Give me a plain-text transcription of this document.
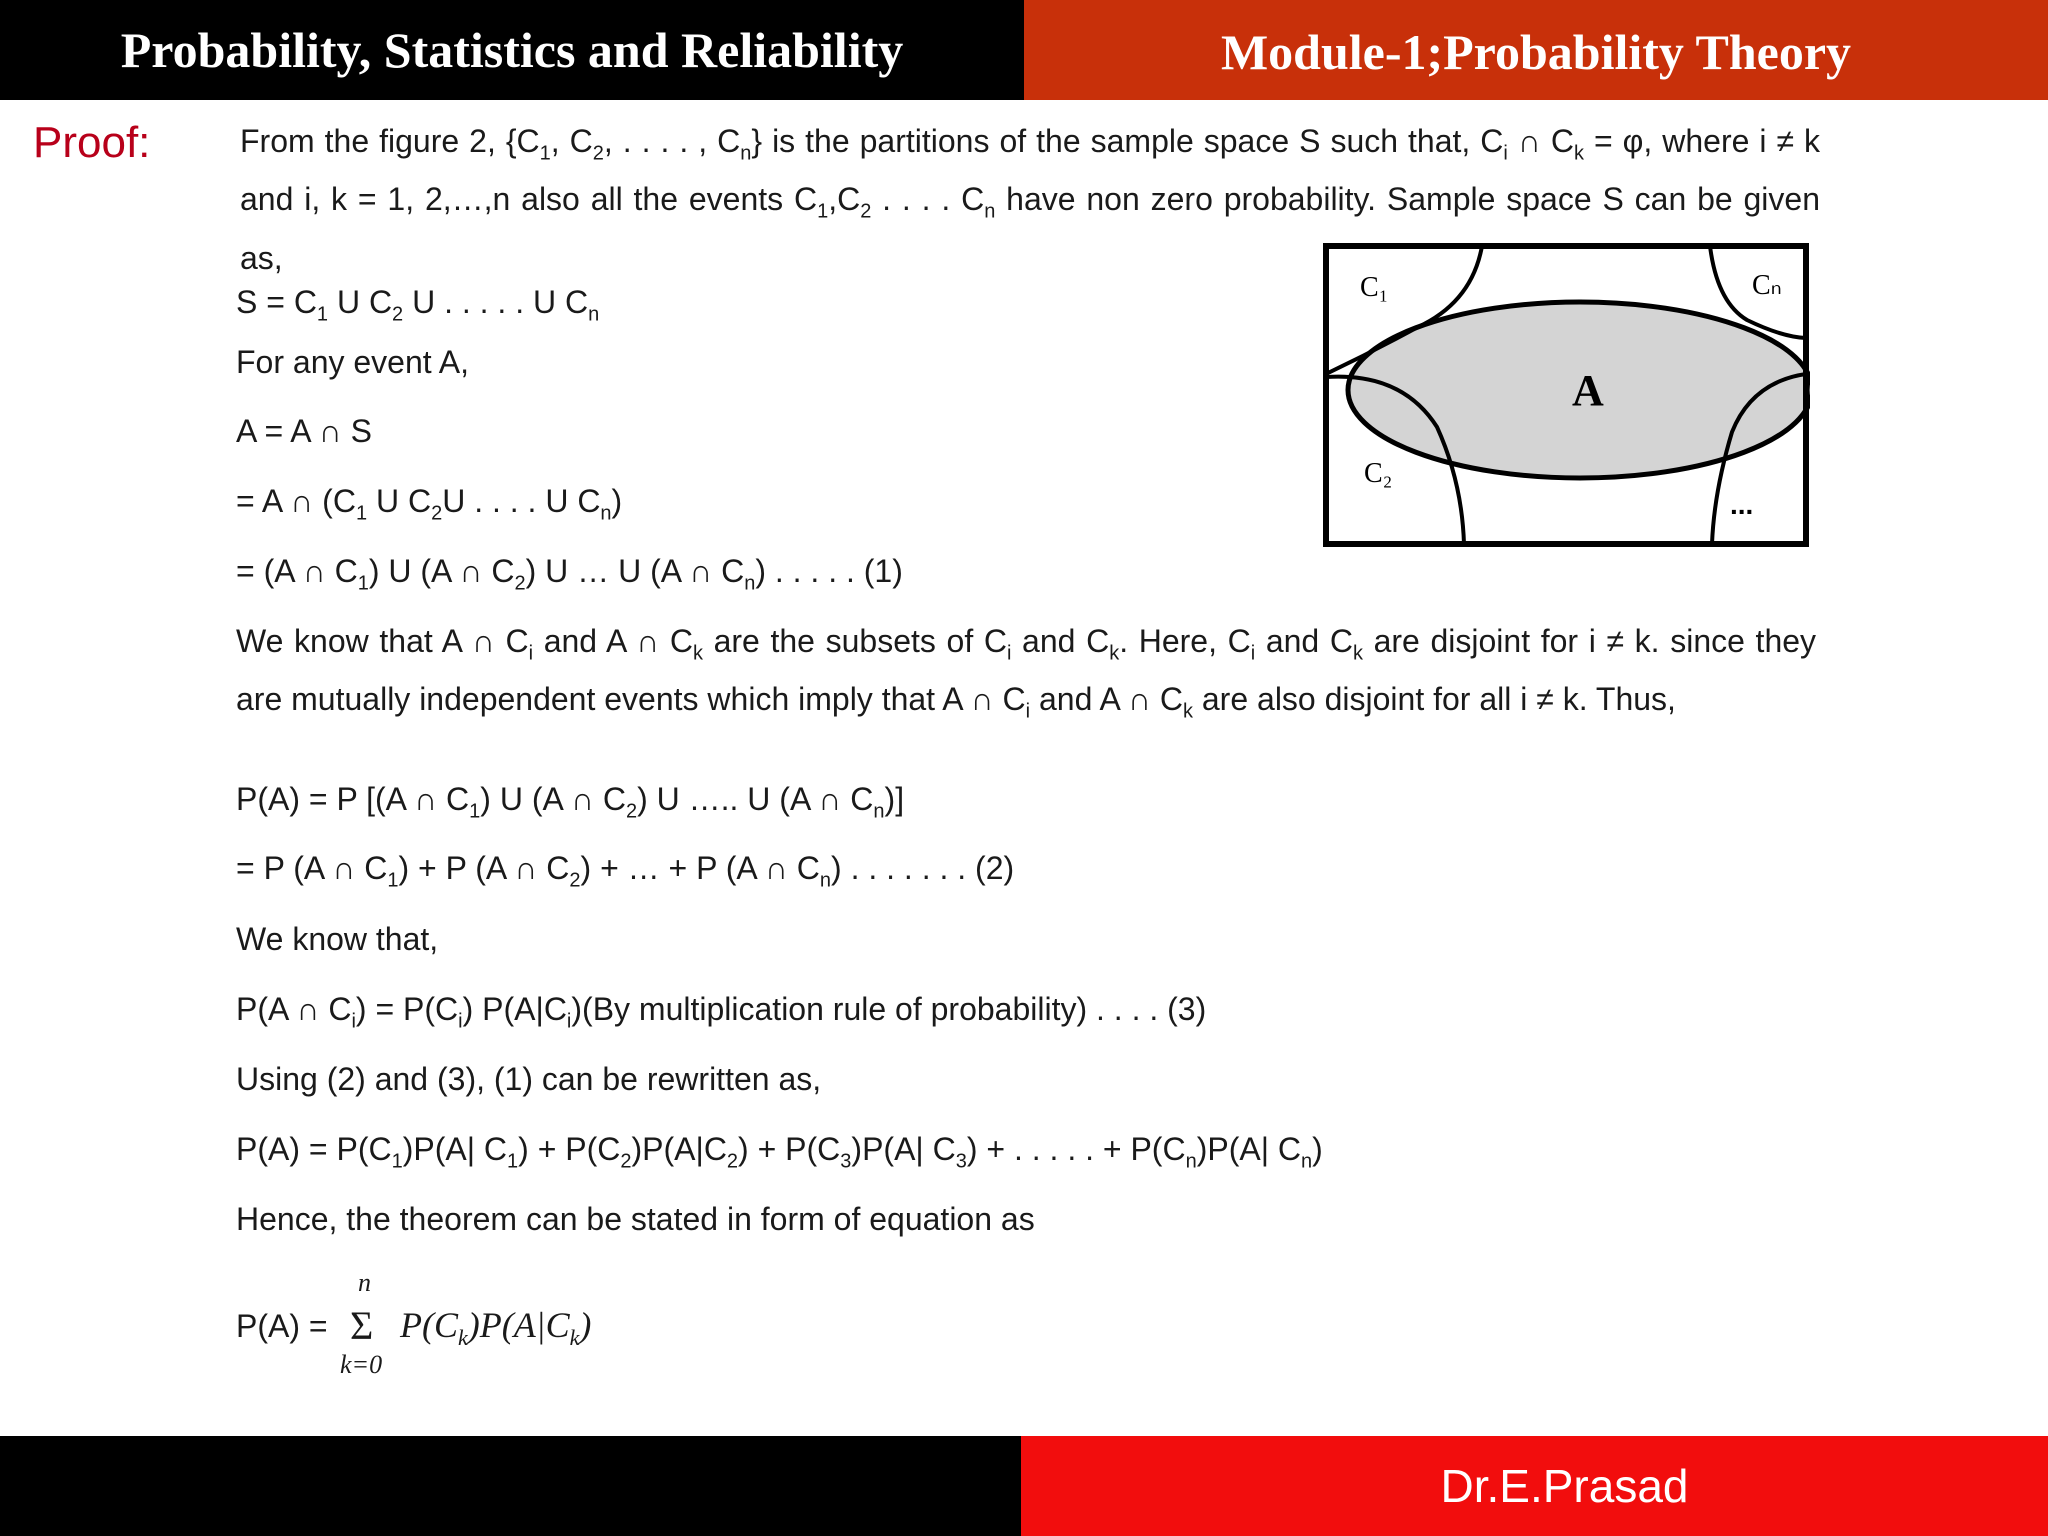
Probability, Statistics and Reliability	Module-1;Probability Theory
Proof:	From the figure 2, {$C_1$, $C_2$, . . . . , $C_n$} is the partitions of the sample space S such that, $C_i$ ∩ $C_k = \varphi$, where i ≠ k and i, k = 1, 2,…,n also all the events $C_1,C_2$ . . . . $C_n$ have non zero probability. Sample space S can be given as,
$S = C_1$ U $C_2$ U . . . . . U $C_n$
For any event A,
A = A ∩ S
= A ∩ ($C_1$ U $C_2U$ . . . . U $C_n$)
= (A ∩ $C_1$) U (A ∩ $C_2$) U … U (A ∩ $C_n$) . . . . . (1)
C₁	Cₙ
A
C₂
...
We know that A ∩ $C_i$ and A ∩ $C_k$ are the subsets of $C_i$ and $C_k$. Here, $C_i$ and $C_k$ are disjoint for i ≠ k. since they are mutually independent events which imply that A ∩ $C_i$ and A ∩ $C_k$ are also disjoint for all i ≠ k. Thus,
P(A) = P [(A ∩ $C_1$) U (A ∩ $C_2$) U ….. U (A ∩ $C_n$)]
= P (A ∩ $C_1) + P$ (A ∩ $C_2$) + … + P (A ∩ $C_n$) . . . . . . . (2)
We know that,
P(A ∩ $C_i) = P(C_i)$ $P(A|C_i)(By$ multiplication rule of probability) . . . . (3)
Using (2) and (3), (1) can be rewritten as,
$P(A) = P(C_1)P(A|$ $C_1) + P(C_2)P(A|C_2) + P(C_3)P(A|$ $C_3$) + . . . . . + $P(C_n)P(A|$ $C_n$)
Hence, the theorem can be stated in form of equation as
P(A) =
n
Σ
k=0
$P(C_k)P(A|C_k)$
Dr.E.Prasad
